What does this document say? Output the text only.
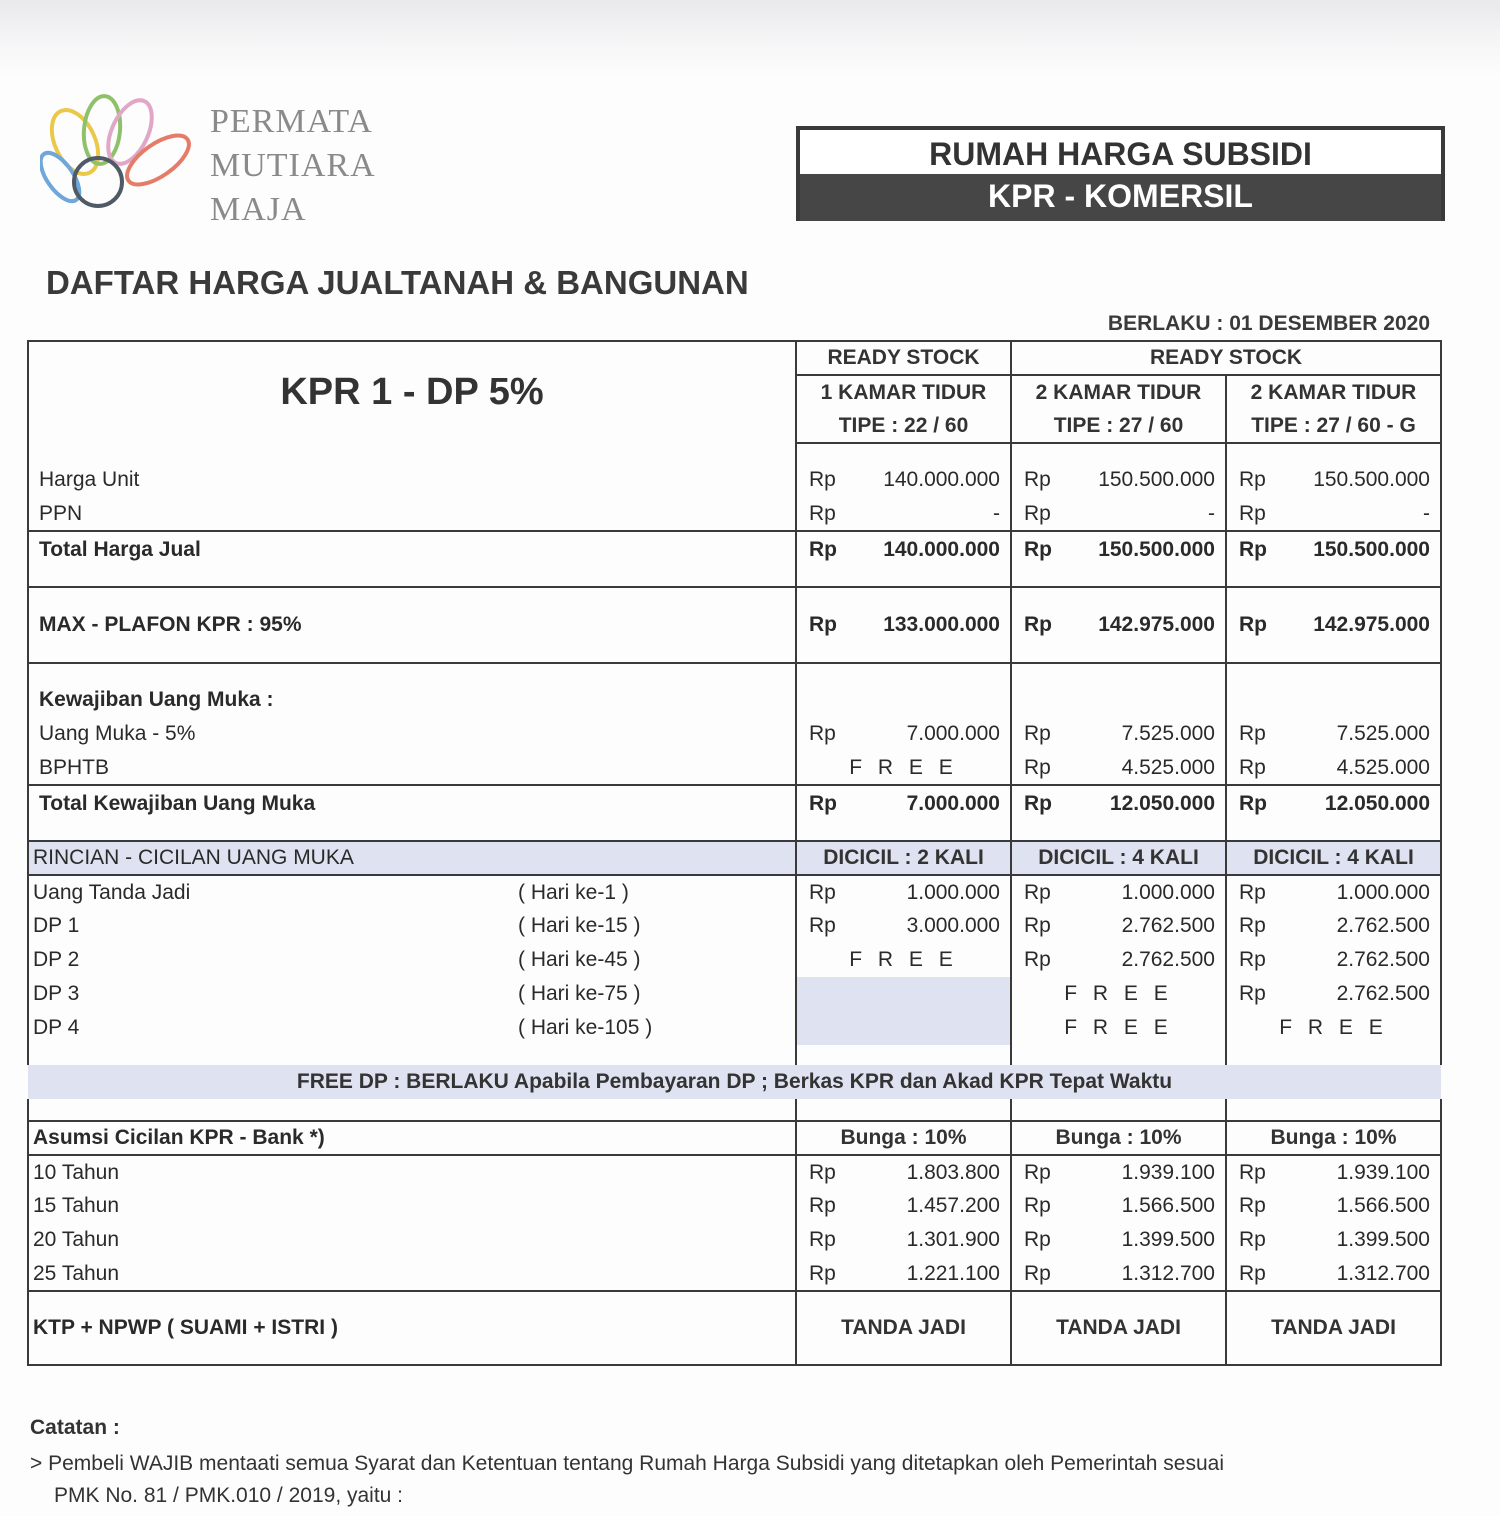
PERMATA
MUTIARA
MAJA
RUMAH HARGA SUBSIDI
KPR - KOMERSIL
DAFTAR HARGA JUALTANAH & BANGUNAN
BERLAKU : 01 DESEMBER 2020
KPR 1 - DP 5%	READY STOCK	READY STOCK	
	1 KAMAR TIDUR	2 KAMAR TIDUR	2 KAMAR TIDUR
	TIPE : 22 / 60	TIPE : 27 / 60	TIPE : 27 / 60 - G

Harga Unit	Rp 140.000.000	Rp 150.500.000	Rp 150.500.000

PPN	Rp -	Rp -	Rp -

Total Harga Jual	Rp 140.000.000	Rp 150.500.000	Rp 150.500.000

MAX - PLAFON KPR : 95%	Rp 133.000.000	Rp 142.975.000	Rp 142.975.000

Kewajiban Uang Muka :			
Uang Muka - 5%	Rp 7.000.000	Rp 7.525.000	Rp 7.525.000

BPHTB	F R E E	Rp 4.525.000	Rp 4.525.000

Total Kewajiban Uang Muka	Rp 7.000.000	Rp 12.050.000	Rp 12.050.000

RINCIAN - CICILAN UANG MUKA	DICICIL : 2 KALI	DICICIL : 4 KALI	DICICIL : 4 KALI

Uang Tanda Jadi ( Hari ke-1 )	Rp 1.000.000	Rp 1.000.000	Rp 1.000.000

DP 1 ( Hari ke-15 )	Rp 3.000.000	Rp 2.762.500	Rp 2.762.500

DP 2 ( Hari ke-45 )	F R E E	Rp 2.762.500	Rp 2.762.500

DP 3 ( Hari ke-75 )		F R E E	Rp 2.762.500

DP 4 ( Hari ke-105 )		F R E E	F R E E

FREE DP : BERLAKU Apabila Pembayaran DP ; Berkas KPR dan Akad KPR Tepat Waktu			

Asumsi Cicilan KPR - Bank *)	Bunga : 10%	Bunga : 10%	Bunga : 10%
10 Tahun	Rp 1.803.800	Rp 1.939.100	Rp 1.939.100

15 Tahun	Rp 1.457.200	Rp 1.566.500	Rp 1.566.500

20 Tahun	Rp 1.301.900	Rp 1.399.500	Rp 1.399.500

25 Tahun	Rp 1.221.100	Rp 1.312.700	Rp 1.312.700

KTP + NPWP ( SUAMI + ISTRI )	TANDA JADI	TANDA JADI	TANDA JADI
Catatan :
> Pembeli WAJIB mentaati semua Syarat dan Ketentuan tentang Rumah Harga Subsidi yang ditetapkan oleh Pemerintah sesuai
PMK No. 81 / PMK.010 / 2019, yaitu :
